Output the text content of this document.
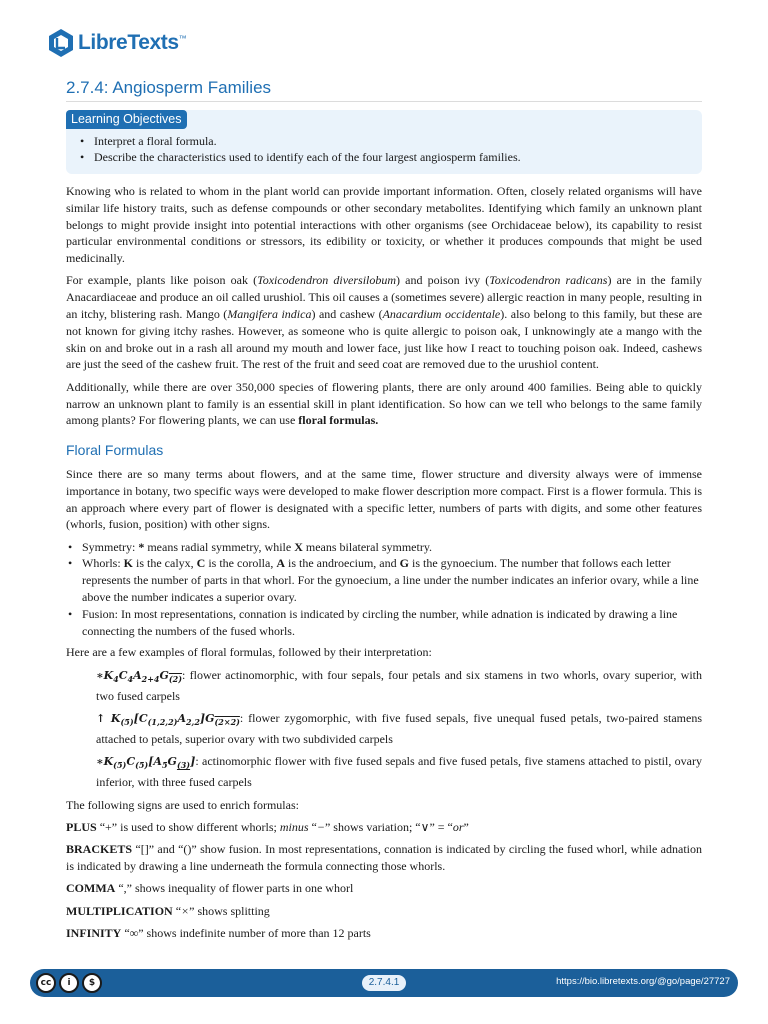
LibreTexts™
2.7.4: Angiosperm Families
Learning Objectives
• Interpret a floral formula.
• Describe the characteristics used to identify each of the four largest angiosperm families.

Knowing who is related to whom in the plant world can provide important information. Often, closely related organisms will have similar life history traits, such as defense compounds or other secondary metabolites. Identifying which family an unknown plant belongs to might provide insight into potential interactions with other organisms (see Orchidaceae below), its capability to resist particular environmental conditions or stressors, its edibility or toxicity, or whether it produces compounds that might be used medicinally.

For example, plants like poison oak (Toxicodendron diversilobum) and poison ivy (Toxicodendron radicans) are in the family Anacardiaceae and produce an oil called urushiol. This oil causes a (sometimes severe) allergic reaction in many people, resulting in an itchy, blistering rash. Mango (Mangifera indica) and cashew (Anacardium occidentale). also belong to this family, but these are not known for giving itchy rashes. However, as someone who is quite allergic to poison oak, I unknowingly ate a mango with the skin on and broke out in a rash all around my mouth and lower face, just like how I react to touching poison oak. Indeed, cashews are just the seed of the cashew fruit. The rest of the fruit and seed coat are removed due to the urushiol content.

Additionally, while there are over 350,000 species of flowering plants, there are only around 400 families. Being able to quickly narrow an unknown plant to family is an essential skill in plant identification. So how can we tell who belongs to the same family among plants? For flowering plants, we can use floral formulas.

Floral Formulas

Since there are so many terms about flowers, and at the same time, flower structure and diversity always were of immense importance in botany, two specific ways were developed to make flower description more compact. First is a flower formula. This is an approach where every part of flower is designated with a specific letter, numbers of parts with digits, and some other features (whorls, fusion, position) with other signs.

• Symmetry: * means radial symmetry, while X means bilateral symmetry.
• Whorls: K is the calyx, C is the corolla, A is the androecium, and G is the gynoecium. The number that follows each letter represents the number of parts in that whorl. For the gynoecium, a line under the number indicates an inferior ovary, while a line above the number indicates a superior ovary.
• Fusion: In most representations, connation is indicated by circling the number, while adnation is indicated by drawing a line connecting the numbers of the fused whorls.

Here are a few examples of floral formulas, followed by their interpretation:

$∗K_4C_4A_{2+4}G_{(2)}$: flower actinomorphic, with four sepals, four petals and six stamens in two whorls, ovary superior, with two fused carpels

↑ $K_{(5)}[C_{(1,2,2)}A_{2,2}]G_{(2\times 2)}$: flower zygomorphic, with five fused sepals, five unequal fused petals, two-paired stamens attached to petals, superior ovary with two subdivided carpels

$∗K_{(5)}C_{(5)}[A_5G_{(3)}]$: actinomorphic flower with five fused sepals and five fused petals, five stamens attached to pistil, ovary inferior, with three fused carpels

The following signs are used to enrich formulas:

PLUS “+” is used to show different whorls; minus “−” shows variation; “∨” = “or”

BRACKETS “[]” and “()” show fusion. In most representations, connation is indicated by circling the fused whorl, while adnation is indicated by drawing a line underneath the formula connecting those whorls.

COMMA “,” shows inequality of flower parts in one whorl

MULTIPLICATION “×” shows splitting

INFINITY “∞” shows indefinite number of more than 12 parts

cc	i	$	2.7.4.1	https://bio.libretexts.org/@go/page/27727
